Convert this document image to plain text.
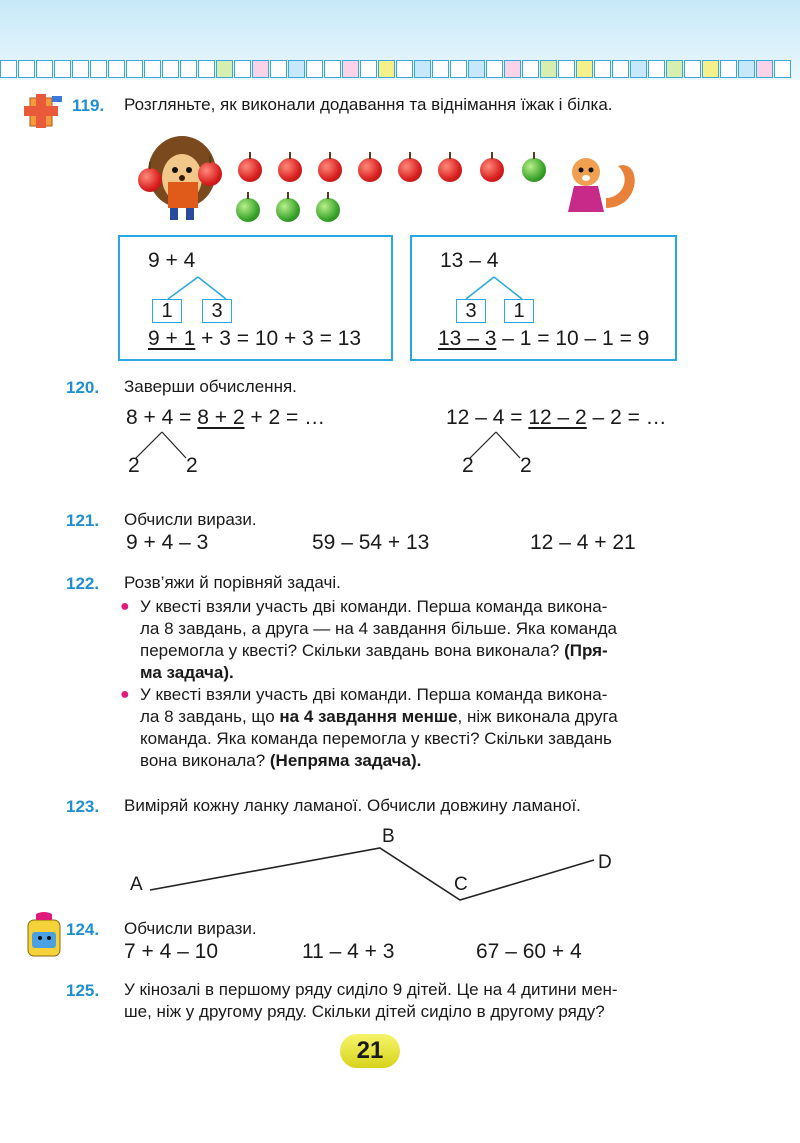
119. Розгляньте, як виконали додавання та віднімання їжак і білка.
9 + 4
1	3
9 + 1 + 3 = 10 + 3 = 13
13 – 4
3	1
13 – 3 – 1 = 10 – 1 = 9
120. Заверши обчислення.
8 + 4 = 8 + 2 + 2 = …
2 2
12 – 4 = 12 – 2 – 2 = …
2 2
121. Обчисли вирази.
9 + 4 – 3	59 – 54 + 13	12 – 4 + 21
122. Розв’яжи й порівняй задачі.
● У квесті взяли участь дві команди. Перша команда викона-

ла 8 завдань, а друга — на 4 завдання більше. Яка команда

перемогла у квесті? Скільки завдань вона виконала? (Пря-

ма задача).

● У квесті взяли участь дві команди. Перша команда викона-

ла 8 завдань, що на 4 завдання менше, ніж виконала друга

команда. Яка команда перемогла у квесті? Скільки завдань

вона виконала? (Непряма задача).

123. Виміряй кожну ланку ламаної. Обчисли довжину ламаної.
A
B
C
D
124. Обчисли вирази.
7 + 4 – 10	11 – 4 + 3	67 – 60 + 4
125. У кінозалі в першому ряду сиділо 9 дітей. Це на 4 дитини мен-

ше, ніж у другому ряду. Скільки дітей сиділо в другому ряду?

21
